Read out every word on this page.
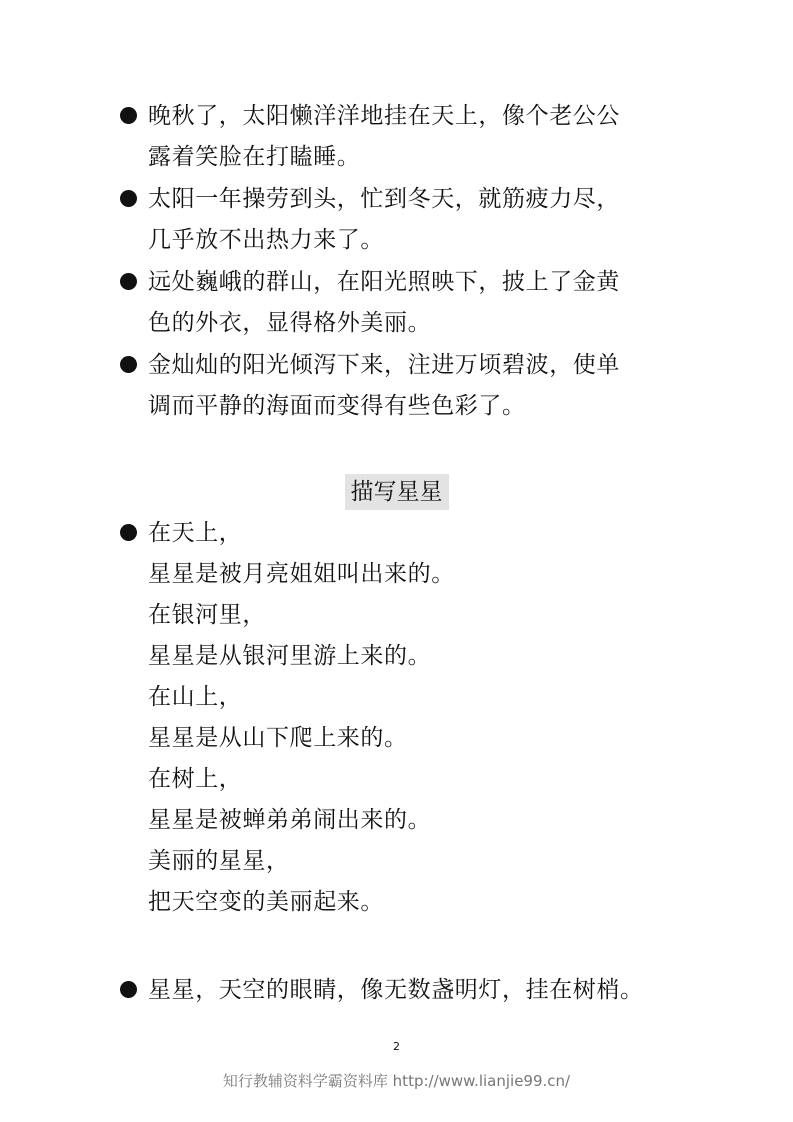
晚秋了，太阳懒洋洋地挂在天上，像个老公公
露着笑脸在打瞌睡。
太阳一年操劳到头，忙到冬天，就筋疲力尽，
几乎放不出热力来了。
远处巍峨的群山，在阳光照映下，披上了金黄
色的外衣，显得格外美丽。
金灿灿的阳光倾泻下来，注进万顷碧波，使单
调而平静的海面而变得有些色彩了。
描写星星
在天上，
星星是被月亮姐姐叫出来的。
在银河里，
星星是从银河里游上来的。
在山上，
星星是从山下爬上来的。
在树上，
星星是被蝉弟弟闹出来的。
美丽的星星，
把天空变的美丽起来。
星星，天空的眼睛，像无数盏明灯，挂在树梢。
2
知行教辅资料学霸资料库 http://www.lianjie99.cn/
